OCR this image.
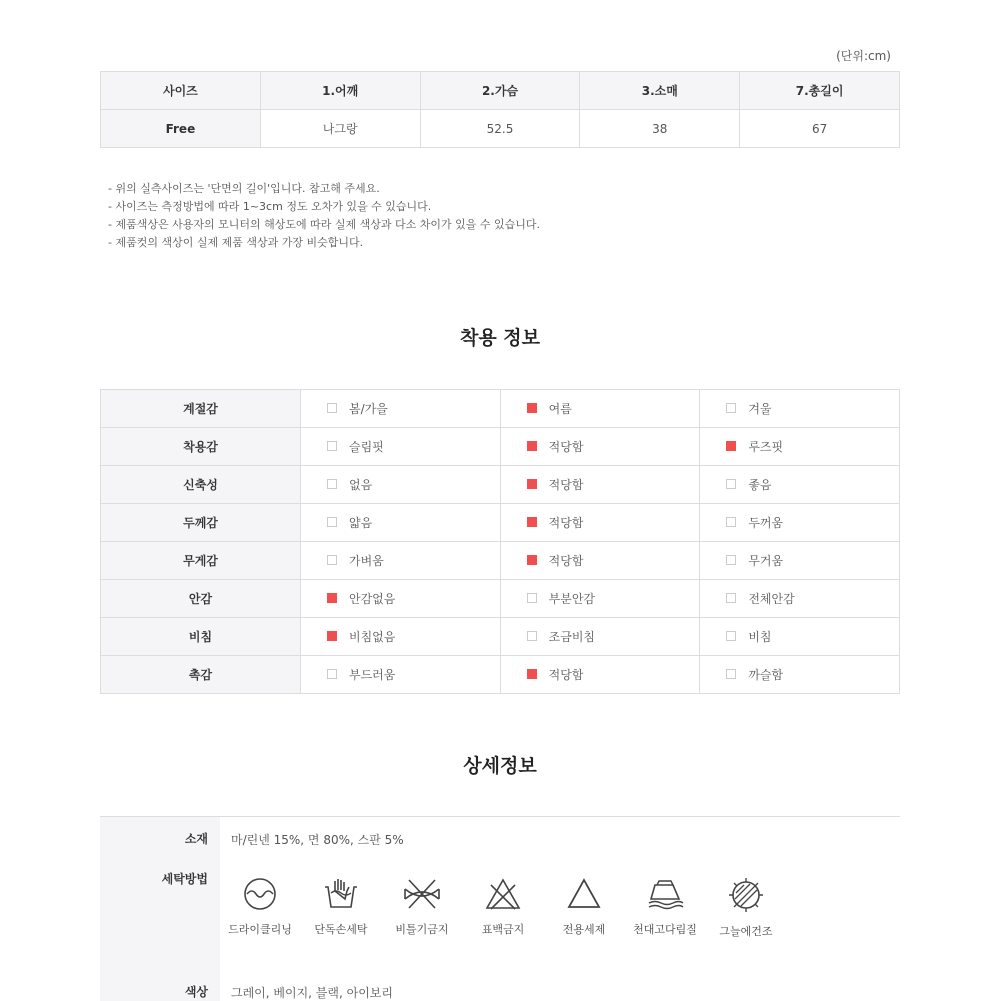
(단위:cm)
사이즈	1.어깨	2.가슴	3.소매	7.총길이
Free	나그랑	52.5	38	67
- 위의 실측사이즈는 '단면의 길이'입니다. 참고해 주세요.
- 사이즈는 측정방법에 따라 1~3cm 정도 오차가 있을 수 있습니다.
- 제품색상은 사용자의 모니터의 해상도에 따라 실제 색상과 다소 차이가 있을 수 있습니다.
- 제품컷의 색상이 실제 제품 색상과 가장 비슷합니다.
착용 정보
계절감	봄/가을	여름	겨울
착용감	슬림핏	적당함	루즈핏
신축성	없음	적당함	좋음
두께감	얇음	적당함	두꺼움
무게감	가벼움	적당함	무거움
안감	안감없음	부분안감	전체안감
비침	비침없음	조금비침	비침
촉감	부드러움	적당함	까슬함
상세정보
소재 마/린넨 15%, 면 80%, 스판 5%
세탁방법
드라이클리닝	단독손세탁	비틀기금지	표백금지	전용세제	천대고다림질	그늘에건조
색상 그레이, 베이지, 블랙, 아이보리
